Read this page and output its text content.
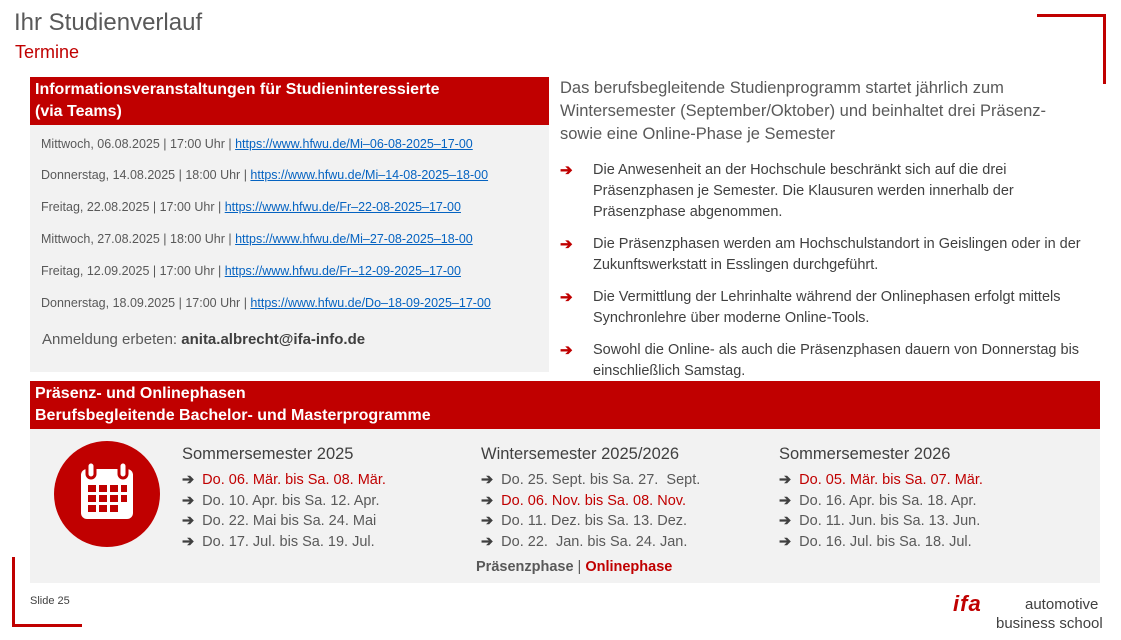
Ihr Studienverlauf
Termine
Informationsveranstaltungen für Studieninteressierte
(via Teams)
Mittwoch, 06.08.2025 | 17:00 Uhr | https://www.hfwu.de/Mi–06-08-2025–17-00
Donnerstag, 14.08.2025 | 18:00 Uhr | https://www.hfwu.de/Mi–14-08-2025–18-00
Freitag, 22.08.2025 | 17:00 Uhr | https://www.hfwu.de/Fr–22-08-2025–17-00
Mittwoch, 27.08.2025 | 18:00 Uhr | https://www.hfwu.de/Mi–27-08-2025–18-00
Freitag, 12.09.2025 | 17:00 Uhr | https://www.hfwu.de/Fr–12-09-2025–17-00
Donnerstag, 18.09.2025 | 17:00 Uhr | https://www.hfwu.de/Do–18-09-2025–17-00
Anmeldung erbeten: anita.albrecht@ifa-info.de
Das berufsbegleitende Studienprogramm startet jährlich zum Wintersemester (September/Oktober) und beinhaltet drei Präsenz- sowie eine Online-Phase je Semester
➔ Die Anwesenheit an der Hochschule beschränkt sich auf die drei Präsenzphasen je Semester. Die Klausuren werden innerhalb der Präsenzphase abgenommen.
➔ Die Präsenzphasen werden am Hochschulstandort in Geislingen oder in der Zukunftswerkstatt in Esslingen durchgeführt.
➔ Die Vermittlung der Lehrinhalte während der Onlinephasen erfolgt mittels Synchronlehre über moderne Online-Tools.
➔ Sowohl die Online- als auch die Präsenzphasen dauern von Donnerstag bis einschließlich Samstag.
Präsenz- und Onlinephasen
Berufsbegleitende Bachelor- und Masterprogramme
Sommersemester 2025
➔ Do. 06. Mär. bis Sa. 08. Mär.
➔ Do. 10. Apr. bis Sa. 12. Apr.
➔ Do. 22. Mai bis Sa. 24. Mai
➔ Do. 17. Jul. bis Sa. 19. Jul.
Wintersemester 2025/2026
➔ Do. 25. Sept. bis Sa. 27.  Sept.
➔ Do. 06. Nov. bis Sa. 08. Nov.
➔ Do. 11. Dez. bis Sa. 13. Dez.
➔ Do. 22.  Jan. bis Sa. 24. Jan.
Sommersemester 2026
➔ Do. 05. Mär. bis Sa. 07. Mär.
➔ Do. 16. Apr. bis Sa. 18. Apr.
➔ Do. 11. Jun. bis Sa. 13. Jun.
➔ Do. 16. Jul. bis Sa. 18. Jul.
Präsenzphase | Onlinephase
Slide 25	ifa	automotive
business school
